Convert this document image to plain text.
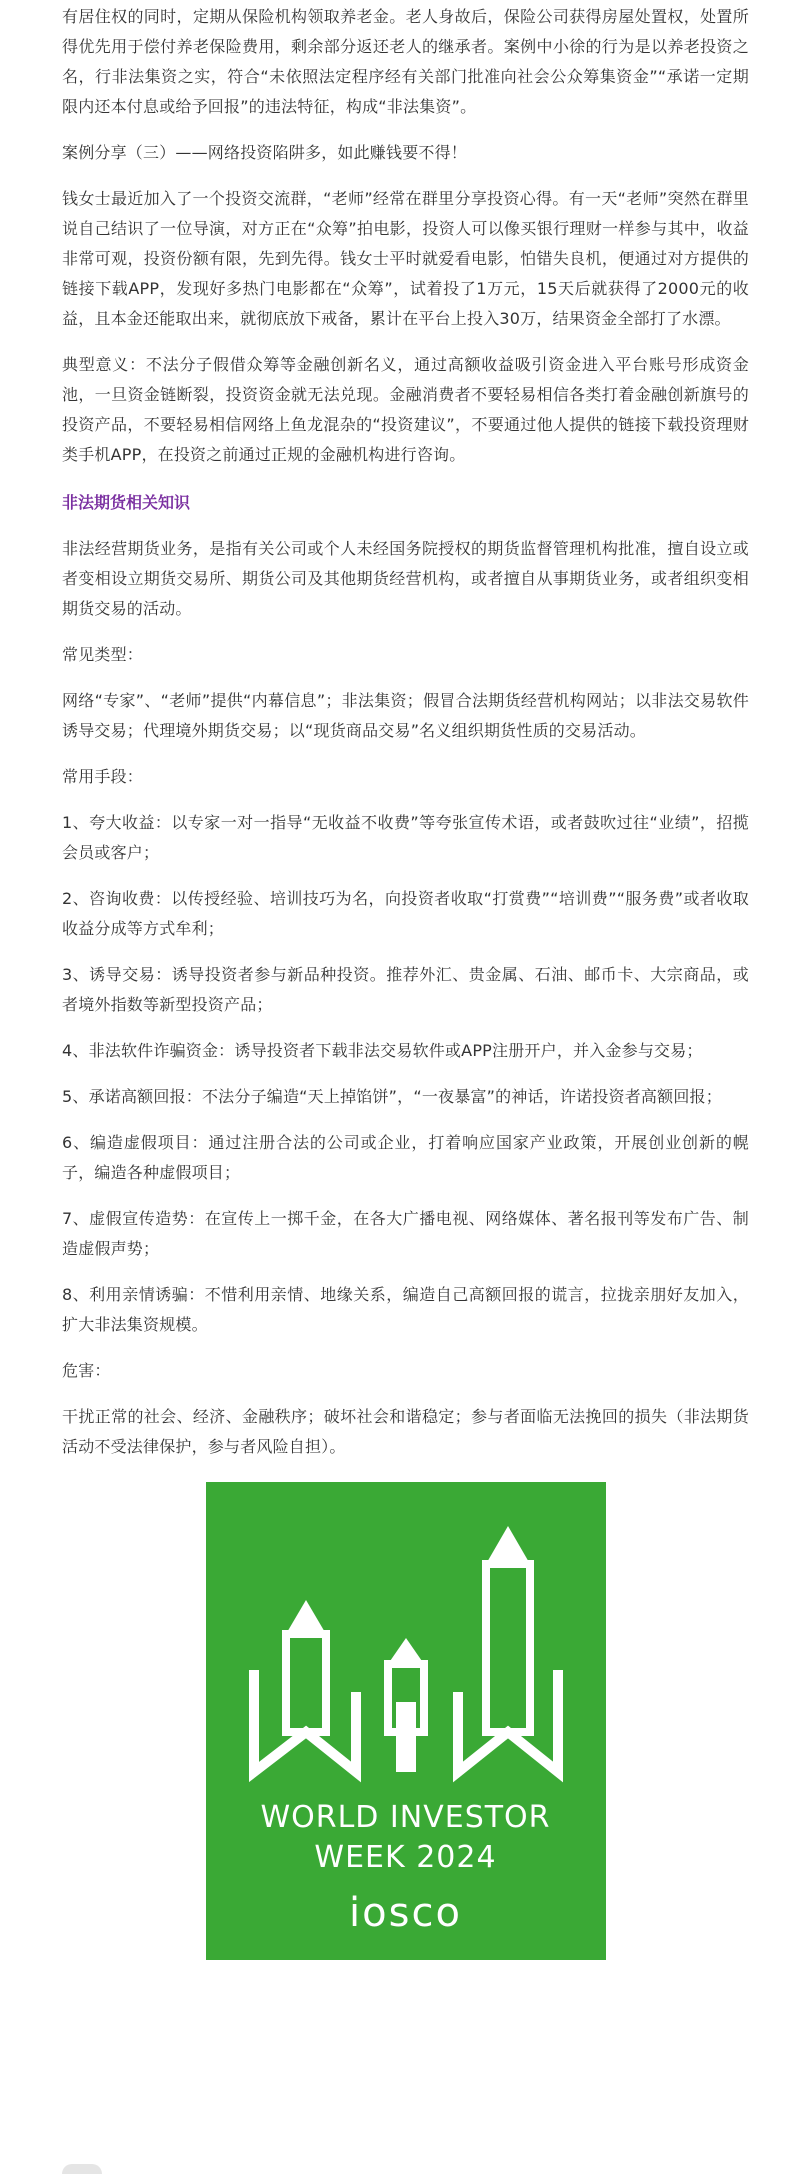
有居住权的同时，定期从保险机构领取养老金。老人身故后，保险公司获得房屋处置权，处置所得优先用于偿付养老保险费用，剩余部分返还老人的继承者。案例中小徐的行为是以养老投资之名，行非法集资之实，符合“未依照法定程序经有关部门批准向社会公众筹集资金”“承诺一定期限内还本付息或给予回报”的违法特征，构成“非法集资”。

案例分享（三）——网络投资陷阱多，如此赚钱要不得！

钱女士最近加入了一个投资交流群，“老师”经常在群里分享投资心得。有一天“老师”突然在群里说自己结识了一位导演，对方正在“众筹”拍电影，投资人可以像买银行理财一样参与其中，收益非常可观，投资份额有限，先到先得。钱女士平时就爱看电影，怕错失良机，便通过对方提供的链接下载APP，发现好多热门电影都在“众筹”，试着投了1万元，15天后就获得了2000元的收益，且本金还能取出来，就彻底放下戒备，累计在平台上投入30万，结果资金全部打了水漂。

典型意义：不法分子假借众筹等金融创新名义，通过高额收益吸引资金进入平台账号形成资金池，一旦资金链断裂，投资资金就无法兑现。金融消费者不要轻易相信各类打着金融创新旗号的投资产品，不要轻易相信网络上鱼龙混杂的“投资建议”，不要通过他人提供的链接下载投资理财类手机APP，在投资之前通过正规的金融机构进行咨询。

非法期货相关知识

非法经营期货业务，是指有关公司或个人未经国务院授权的期货监督管理机构批准，擅自设立或者变相设立期货交易所、期货公司及其他期货经营机构，或者擅自从事期货业务，或者组织变相期货交易的活动。

常见类型：

网络“专家”、“老师”提供“内幕信息”；非法集资；假冒合法期货经营机构网站；以非法交易软件诱导交易；代理境外期货交易；以“现货商品交易”名义组织期货性质的交易活动。

常用手段：

1、夸大收益：以专家一对一指导“无收益不收费”等夸张宣传术语，或者鼓吹过往“业绩”，招揽会员或客户；

2、咨询收费：以传授经验、培训技巧为名，向投资者收取“打赏费”“培训费”“服务费”或者收取收益分成等方式牟利；

3、诱导交易：诱导投资者参与新品种投资。推荐外汇、贵金属、石油、邮币卡、大宗商品，或者境外指数等新型投资产品；

4、非法软件诈骗资金：诱导投资者下载非法交易软件或APP注册开户，并入金参与交易；

5、承诺高额回报：不法分子编造“天上掉馅饼”，“一夜暴富”的神话，许诺投资者高额回报；

6、编造虚假项目：通过注册合法的公司或企业，打着响应国家产业政策，开展创业创新的幌子，编造各种虚假项目；

7、虚假宣传造势：在宣传上一掷千金，在各大广播电视、网络媒体、著名报刊等发布广告、制造虚假声势；

8、利用亲情诱骗：不惜利用亲情、地缘关系，编造自己高额回报的谎言，拉拢亲朋好友加入，扩大非法集资规模。

危害：

干扰正常的社会、经济、金融秩序；破坏社会和谐稳定；参与者面临无法挽回的损失（非法期货活动不受法律保护，参与者风险自担）。

WORLD INVESTOR
WEEK 2024
iosco
